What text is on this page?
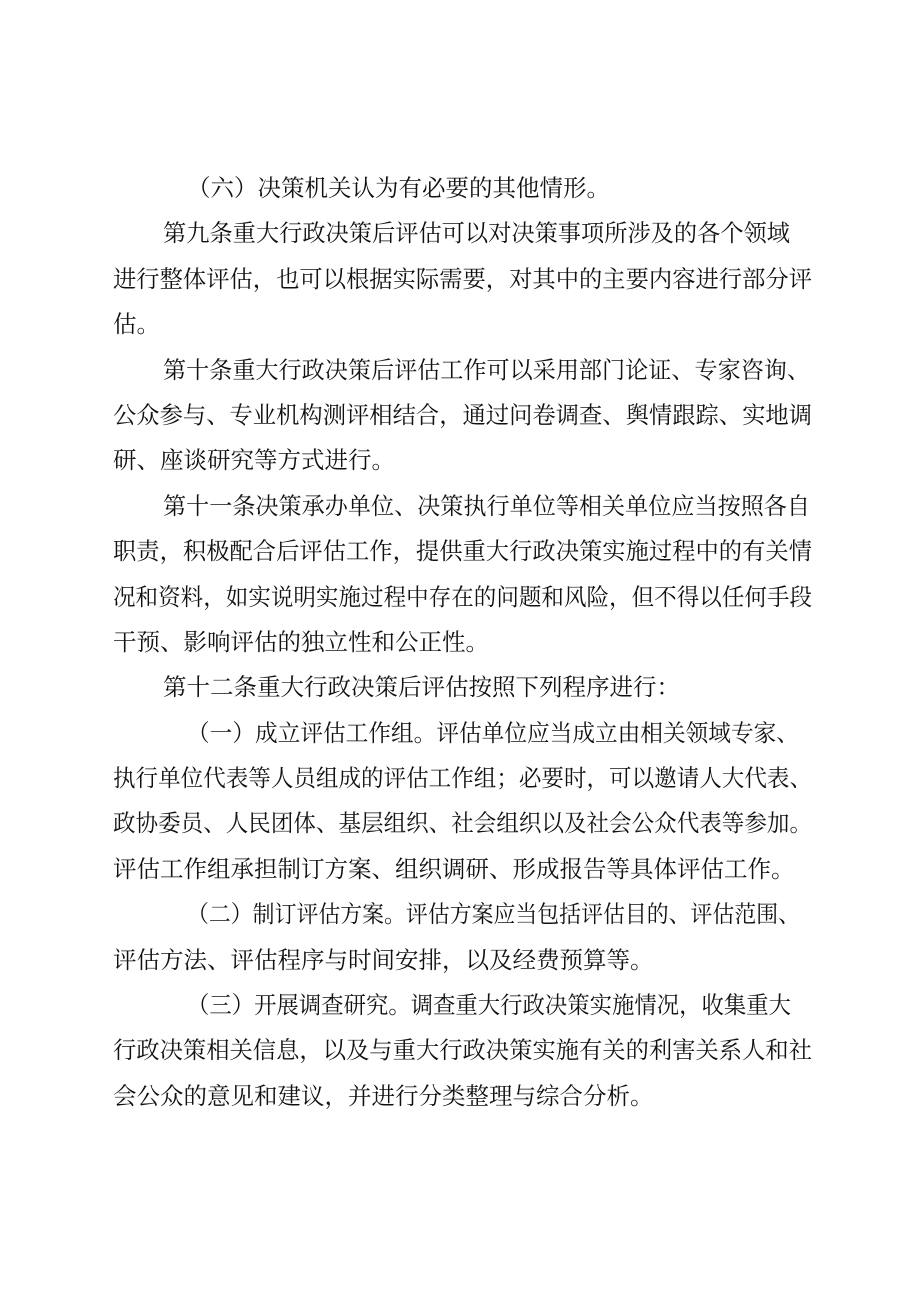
（六）决策机关认为有必要的其他情形。
第九条重大行政决策后评估可以对决策事项所涉及的各个领域
进行整体评估，也可以根据实际需要，对其中的主要内容进行部分评
估。
第十条重大行政决策后评估工作可以采用部门论证、专家咨询、
公众参与、专业机构测评相结合，通过问卷调查、舆情跟踪、实地调
研、座谈研究等方式进行。
第十一条决策承办单位、决策执行单位等相关单位应当按照各自
职责，积极配合后评估工作，提供重大行政决策实施过程中的有关情
况和资料，如实说明实施过程中存在的问题和风险，但不得以任何手段
干预、影响评估的独立性和公正性。
第十二条重大行政决策后评估按照下列程序进行：
（一）成立评估工作组。评估单位应当成立由相关领域专家、
执行单位代表等人员组成的评估工作组；必要时，可以邀请人大代表、
政协委员、人民团体、基层组织、社会组织以及社会公众代表等参加。
评估工作组承担制订方案、组织调研、形成报告等具体评估工作。
（二）制订评估方案。评估方案应当包括评估目的、评估范围、
评估方法、评估程序与时间安排，以及经费预算等。
（三）开展调查研究。调查重大行政决策实施情况，收集重大
行政决策相关信息，以及与重大行政决策实施有关的利害关系人和社
会公众的意见和建议，并进行分类整理与综合分析。
